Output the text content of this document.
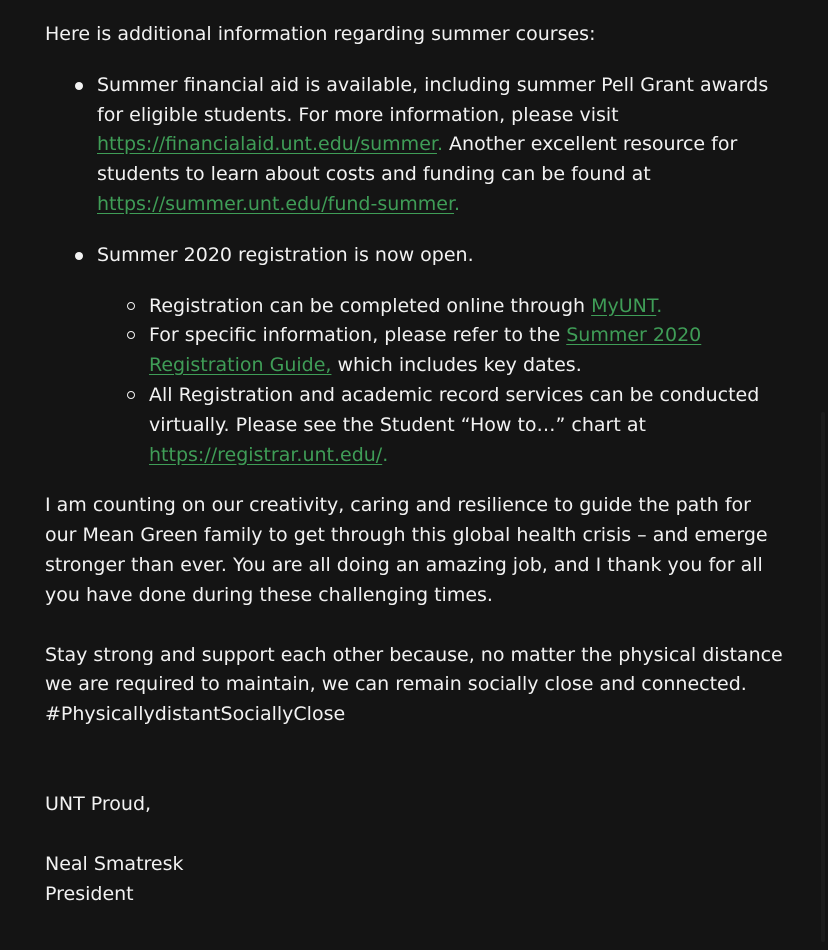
Here is additional information regarding summer courses:

Summer financial aid is available, including summer Pell Grant awards for eligible students. For more information, please visit https://financialaid.unt.edu/summer. Another excellent resource for students to learn about costs and funding can be found at https://summer.unt.edu/fund-summer.
Summer 2020 registration is now open.
Registration can be completed online through MyUNT.
For specific information, please refer to the Summer 2020 Registration Guide, which includes key dates.
All Registration and academic record services can be conducted virtually. Please see the Student “How to…” chart at https://registrar.unt.edu/.

I am counting on our creativity, caring and resilience to guide the path for our Mean Green family to get through this global health crisis – and emerge stronger than ever. You are all doing an amazing job, and I thank you for all you have done during these challenging times.

Stay strong and support each other because, no matter the physical distance we are required to maintain, we can remain socially close and connected. #PhysicallydistantSociallyClose

UNT Proud,

Neal Smatresk

President
